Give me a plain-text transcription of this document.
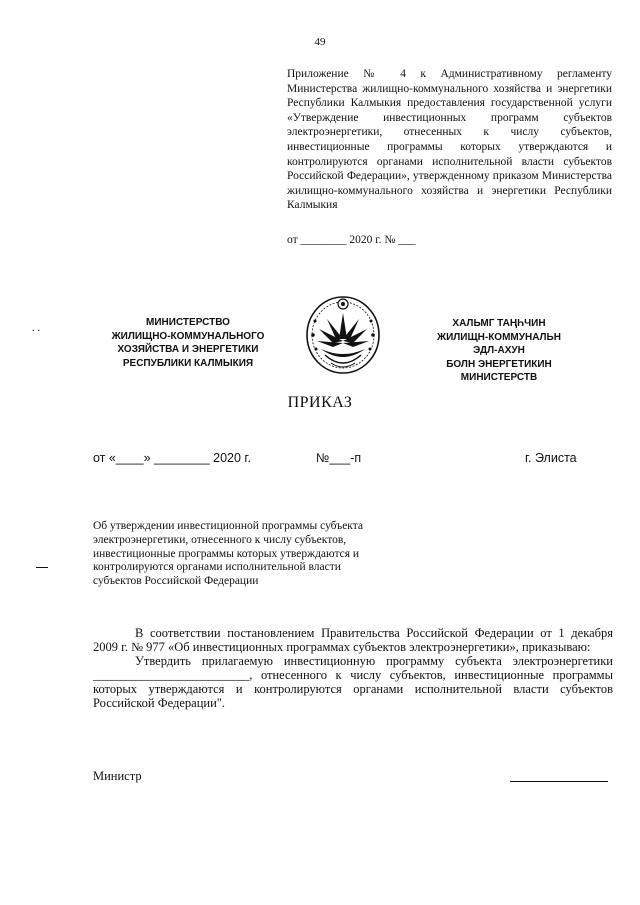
49
Приложение № 4 к Административному регламенту Министерства жилищно-коммунального хозяйства и энергетики Республики Калмыкия предоставления государственной услуги «Утверждение инвестиционных программ субъектов электроэнергетики, отнесенных к числу субъектов, инвестиционные программы которых утверждаются и контролируются органами исполнительной власти субъектов Российской Федерации», утвержденному приказом Министерства жилищно-коммунального хозяйства и энергетики Республики Калмыкия
от ________ 2020 г. № ___
. .	МИНИСТЕРСТВО
ЖИЛИЩНО-КОММУНАЛЬНОГО
ХОЗЯЙСТВА И ЭНЕРГЕТИКИ
РЕСПУБЛИКИ КАЛМЫКИЯ
ХАЛЬМГ ТАҢҺЧИН
ЖИЛИЩН-КОММУНАЛЬН
ЭДЛ-АХУН
БОЛН ЭНЕРГЕТИКИН
МИНИСТЕРСТВ
ПРИКАЗ
от «____» ________ 2020 г.	№___-п	г. Элиста
Об утверждении инвестиционной программы субъекта электроэнергетики, отнесенного к числу субъектов, инвестиционные программы которых утверждаются и контролируются органами исполнительной власти субъектов Российской Федерации

В соответствии постановлением Правительства Российской Федерации от 1 декабря 2009 г. № 977 «Об инвестиционных программах субъектов электроэнергетики», приказываю:

Утвердить прилагаемую инвестиционную программу субъекта электроэнергетики _________________________, отнесенного к числу субъектов, инвестиционные программы которых утверждаются и контролируются органами исполнительной власти субъектов Российской Федерации".

Министр
